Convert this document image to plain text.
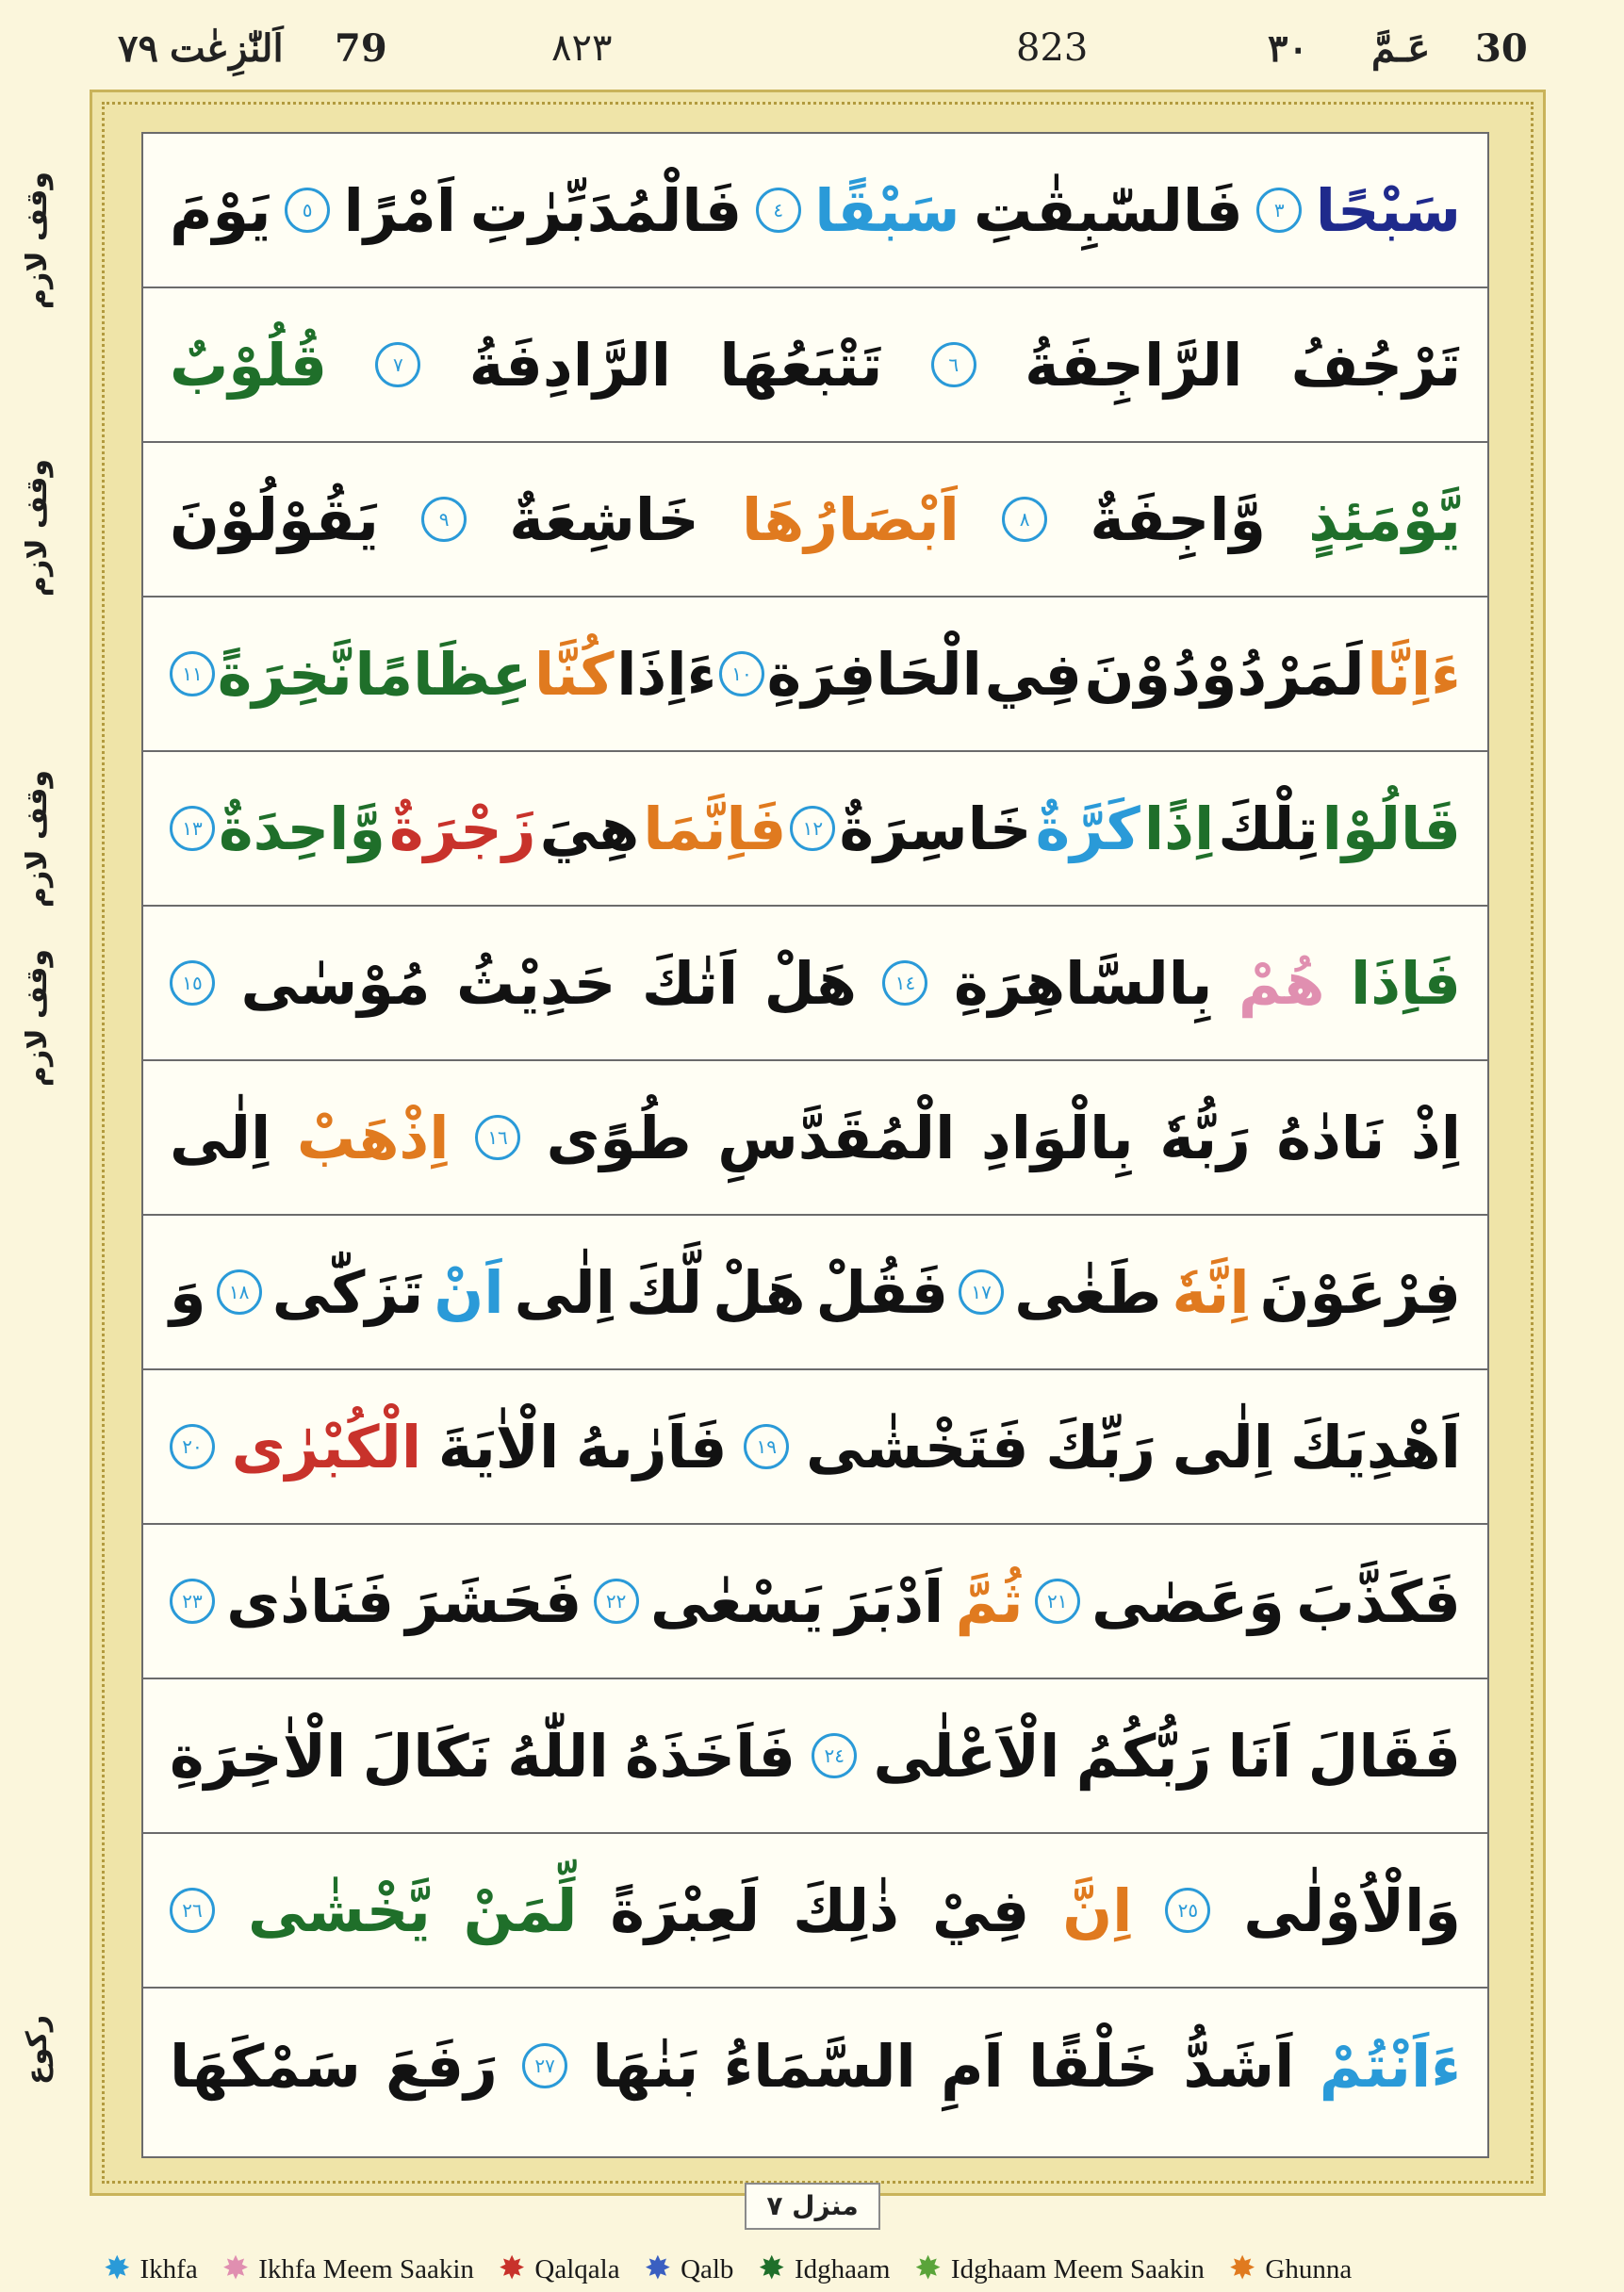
٧٩ اَلنّٰزِعٰت 79	٨٢٣	823	٣٠ عَـمَّ 30
وقف لازم
وقف لازم
وقف لازم
وقف لازم
ركوع
سَبْحًا
٣
فَالسّٰبِقٰتِ
سَبْقًا
٤
فَالْمُدَبِّرٰتِ
اَمْرًا
٥
يَوْمَ
تَرْجُفُ
الرَّاجِفَةُ
٦
تَتْبَعُهَا
الرَّادِفَةُ
٧
قُلُوْبٌ
يَّوْمَئِذٍ
وَّاجِفَةٌ
٨
اَبْصَارُهَا
خَاشِعَةٌ
٩
يَقُوْلُوْنَ
ءَاِنَّا
لَمَرْدُوْدُوْنَ
فِي
الْحَافِرَةِ
١٠
ءَاِذَا
كُنَّا
عِظَامًا
نَّخِرَةً
١١
قَالُوْا
تِلْكَ
اِذًا
كَرَّةٌ
خَاسِرَةٌ
١٢
فَاِنَّمَا
هِيَ
زَجْرَةٌ
وَّاحِدَةٌ
١٣
فَاِذَا
هُمْ
بِالسَّاهِرَةِ
١٤
هَلْ
اَتٰكَ
حَدِيْثُ
مُوْسٰى
١٥
اِذْ
نَادٰهُ
رَبُّهٗ
بِالْوَادِ
الْمُقَدَّسِ
طُوًى
١٦
اِذْهَبْ
اِلٰى
فِرْعَوْنَ
اِنَّهٗ
طَغٰى
١٧
فَقُلْ
هَلْ
لَّكَ
اِلٰى
اَنْ
تَزَكّٰى
١٨
وَ
اَهْدِيَكَ
اِلٰى
رَبِّكَ
فَتَخْشٰى
١٩
فَاَرٰىهُ
الْاٰيَةَ
الْكُبْرٰى
٢٠
فَكَذَّبَ
وَعَصٰى
٢١
ثُمَّ
اَدْبَرَ
يَسْعٰى
٢٢
فَحَشَرَ
فَنَادٰى
٢٣
فَقَالَ
اَنَا
رَبُّكُمُ
الْاَعْلٰى
٢٤
فَاَخَذَهُ
اللّٰهُ
نَكَالَ
الْاٰخِرَةِ
وَالْاُوْلٰى
٢٥
اِنَّ
فِيْ
ذٰلِكَ
لَعِبْرَةً
لِّمَنْ
يَّخْشٰى
٢٦
ءَاَنْتُمْ
اَشَدُّ
خَلْقًا
اَمِ
السَّمَاءُ
بَنٰهَا
٢٧
رَفَعَ
سَمْكَهَا
منزل ٧
✸ Ikhfa ✸ Ikhfa Meem Saakin ✸ Qalqala ✸ Qalb ✸ Idghaam ✸ Idghaam Meem Saakin ✸ Ghunna
